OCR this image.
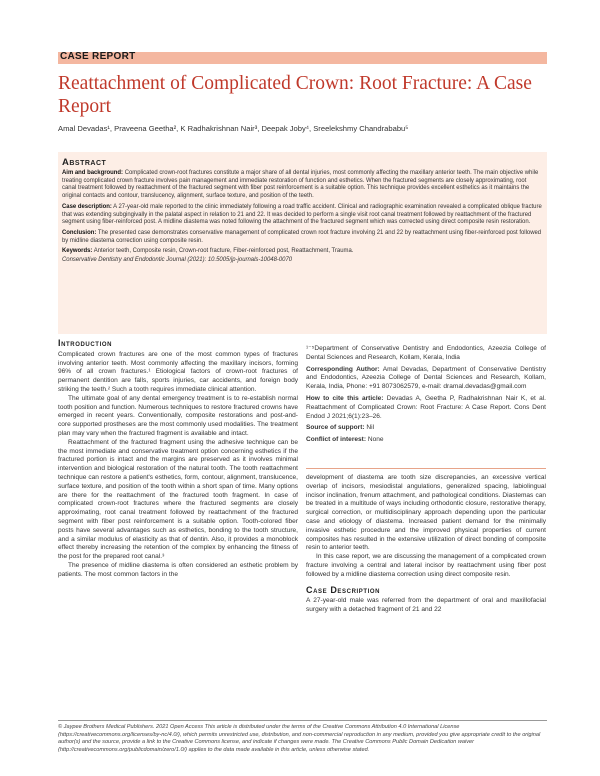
CASE REPORT
Reattachment of Complicated Crown: Root Fracture: A Case Report
Amal Devadas¹, Praveena Geetha², K Radhakrishnan Nair³, Deepak Joby⁴, Sreelekshmy Chandrababu⁵
Abstract

Aim and background: Complicated crown-root fractures constitute a major share of all dental injuries, most commonly affecting the maxillary anterior teeth. The main objective while treating complicated crown fracture involves pain management and immediate restoration of function and esthetics. When the fractured segments are closely approximating, root canal treatment followed by reattachment of the fractured segment with fiber post reinforcement is a suitable option. This technique provides excellent esthetics as it maintains the original contacts and contour, translucency, alignment, surface texture, and position of the teeth.

Case description: A 27-year-old male reported to the clinic immediately following a road traffic accident. Clinical and radiographic examination revealed a complicated oblique fracture that was extending subgingivally in the palatal aspect in relation to 21 and 22. It was decided to perform a single visit root canal treatment followed by reattachment of the fractured segment using fiber-reinforced post. A midline diastema was noted following the attachment of the fractured segment which was corrected using direct composite resin restoration.

Conclusion: The presented case demonstrates conservative management of complicated crown root fracture involving 21 and 22 by reattachment using fiber-reinforced post followed by midline diastema correction using composite resin.

Keywords: Anterior teeth, Composite resin, Crown-root fracture, Fiber-reinforced post, Reattachment, Trauma.

Conservative Dentistry and Endodontic Journal (2021): 10.5005/jp-journals-10048-0070

Introduction

Complicated crown fractures are one of the most common types of fractures involving anterior teeth. Most commonly affecting the maxillary incisors, forming 96% of all crown fractures.¹ Etiological factors of crown-root fractures of permanent dentition are falls, sports injuries, car accidents, and foreign body striking the teeth.² Such a tooth requires immediate clinical attention.

The ultimate goal of any dental emergency treatment is to re-establish normal tooth position and function. Numerous techniques to restore fractured crowns have emerged in recent years. Conventionally, composite restorations and post-and-core supported prostheses are the most commonly used modalities. The treatment plan may vary when the fractured fragment is available and intact.

Reattachment of the fractured fragment using the adhesive technique can be the most immediate and conservative treatment option concerning esthetics if the fractured portion is intact and the margins are preserved as it involves minimal intervention and biological restoration of the natural tooth. The tooth reattachment technique can restore a patient's esthetics, form, contour, alignment, translucence, surface texture, and position of the tooth within a short span of time. Many options are there for the reattachment of the fractured tooth fragment. In case of complicated crown-root fractures where the fractured segments are closely approximating, root canal treatment followed by reattachment of the fractured segment with fiber post reinforcement is a suitable option. Tooth-colored fiber posts have several advantages such as esthetics, bonding to the tooth structure, and a similar modulus of elasticity as that of dentin. Also, it provides a monoblock effect thereby increasing the retention of the complex by enhancing the fitness of the post for the prepared root canal.³

The presence of midline diastema is often considered an esthetic problem by patients. The most common factors in the

¹⁻⁵Department of Conservative Dentistry and Endodontics, Azeezia College of Dental Sciences and Research, Kollam, Kerala, India

Corresponding Author: Amal Devadas, Department of Conservative Dentistry and Endodontics, Azeezia College of Dental Sciences and Research, Kollam, Kerala, India, Phone: +91 8073062579, e-mail: dramal.devadas@gmail.com

How to cite this article: Devadas A, Geetha P, Radhakrishnan Nair K, et al. Reattachment of Complicated Crown: Root Fracture: A Case Report. Cons Dent Endod J 2021;6(1):23–26.

Source of support: Nil

Conflict of interest: None

development of diastema are tooth size discrepancies, an excessive vertical overlap of incisors, mesiodistal angulations, generalized spacing, labiolingual incisor inclination, frenum attachment, and pathological conditions. Diastemas can be treated in a multitude of ways including orthodontic closure, restorative therapy, surgical correction, or multidisciplinary approach depending upon the particular case and etiology of diastema. Increased patient demand for the minimally invasive esthetic procedure and the improved physical properties of current composites has resulted in the extensive utilization of direct bonding of composite resin to anterior teeth.

In this case report, we are discussing the management of a complicated crown fracture involving a central and lateral incisor by reattachment using fiber post followed by a midline diastema correction using direct composite resin.

Case Description

A 27-year-old male was referred from the department of oral and maxillofacial surgery with a detached fragment of 21 and 22

© Jaypee Brothers Medical Publishers. 2021 Open Access This article is distributed under the terms of the Creative Commons Attribution 4.0 International License (https://creativecommons.org/licenses/by-nc/4.0/), which permits unrestricted use, distribution, and non-commercial reproduction in any medium, provided you give appropriate credit to the original author(s) and the source, provide a link to the Creative Commons license, and indicate if changes were made. The Creative Commons Public Domain Dedication waiver (http://creativecommons.org/publicdomain/zero/1.0/) applies to the data made available in this article, unless otherwise stated.
